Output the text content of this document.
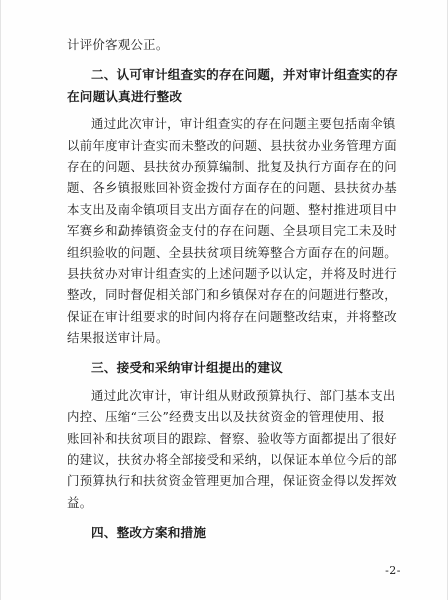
计评价客观公正。
二、认可审计组查实的存在问题，并对审计组查实的存
在问题认真进行整改
通过此次审计，审计组查实的存在问题主要包括南伞镇
以前年度审计查实而未整改的问题、县扶贫办业务管理方面
存在的问题、县扶贫办预算编制、批复及执行方面存在的问
题、各乡镇报账回补资金拨付方面存在的问题、县扶贫办基
本支出及南伞镇项目支出方面存在的问题、整村推进项目中
军赛乡和勐捧镇资金支付的存在问题、全县项目完工未及时
组织验收的问题、全县扶贫项目统筹整合方面存在的问题。
县扶贫办对审计组查实的上述问题予以认定，并将及时进行
整改，同时督促相关部门和乡镇保对存在的问题进行整改，
保证在审计组要求的时间内将存在问题整改结束，并将整改
结果报送审计局。
三、接受和采纳审计组提出的建议
通过此次审计，审计组从财政预算执行、部门基本支出
内控、压缩“三公”经费支出以及扶贫资金的管理使用、报
账回补和扶贫项目的跟踪、督察、验收等方面都提出了很好
的建议，扶贫办将全部接受和采纳，以保证本单位今后的部
门预算执行和扶贫资金管理更加合理，保证资金得以发挥效
益。
四、整改方案和措施
-2-
